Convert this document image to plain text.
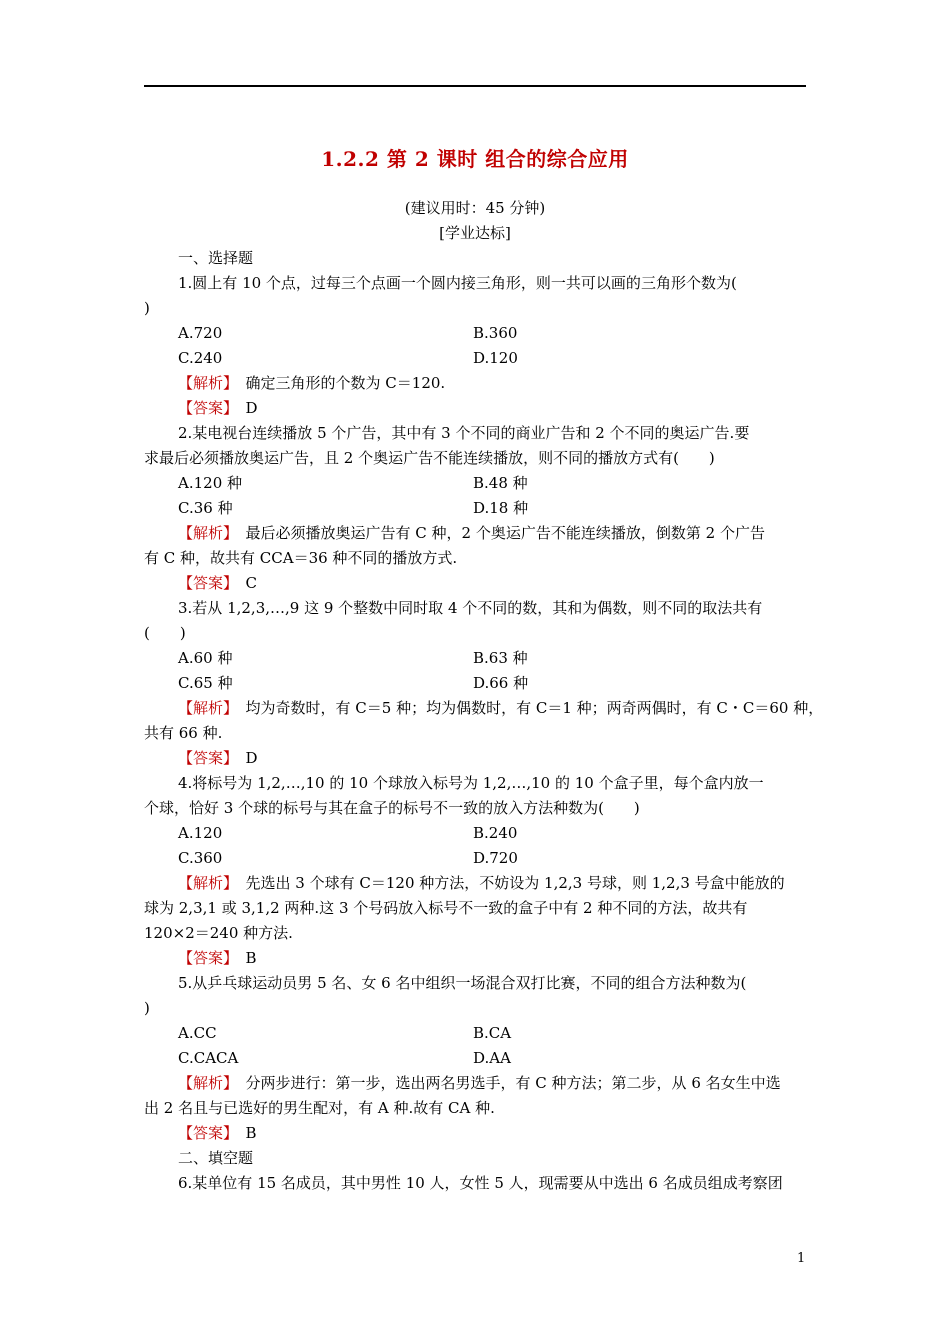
1.2.2 第 2 课时 组合的综合应用
(建议用时：45 分钟)
[学业达标]
一、选择题
1.圆上有 10 个点，过每三个点画一个圆内接三角形，则一共可以画的三角形个数为(
)
A.720	B.360
C.240	D.120
【解析】　 确定三角形的个数为 C＝120.
【答案】　 D
2.某电视台连续播放 5 个广告，其中有 3 个不同的商业广告和 2 个不同的奥运广告.要
求最后必须播放奥运广告，且 2 个奥运广告不能连续播放，则不同的播放方式有(　　)
A.120 种	B.48 种
C.36 种	D.18 种
【解析】　 最后必须播放奥运广告有 C 种，2 个奥运广告不能连续播放，倒数第 2 个广告
有 C 种，故共有 CCA＝36 种不同的播放方式.
【答案】　 C
3.若从 1,2,3,…,9 这 9 个整数中同时取 4 个不同的数，其和为偶数，则不同的取法共有
(　　)
A.60 种	B.63 种
C.65 种	D.66 种
【解析】　 均为奇数时，有 C＝5 种；均为偶数时，有 C＝1 种；两奇两偶时，有 C・C＝60 种，
共有 66 种.
【答案】　 D
4.将标号为 1,2,…,10 的 10 个球放入标号为 1,2,…,10 的 10 个盒子里，每个盒内放一
个球，恰好 3 个球的标号与其在盒子的标号不一致的放入方法种数为(　　)
A.120	B.240
C.360	D.720
【解析】　 先选出 3 个球有 C＝120 种方法，不妨设为 1,2,3 号球，则 1,2,3 号盒中能放的
球为 2,3,1 或 3,1,2 两种.这 3 个号码放入标号不一致的盒子中有 2 种不同的方法，故共有
120×2＝240 种方法.
【答案】　 B
5.从乒乓球运动员男 5 名、女 6 名中组织一场混合双打比赛，不同的组合方法种数为(
)
A.CC	B.CA
C.CACA	D.AA
【解析】　 分两步进行：第一步，选出两名男选手，有 C 种方法；第二步，从 6 名女生中选
出 2 名且与已选好的男生配对，有 A 种.故有 CA 种.
【答案】　 B
二、填空题
6.某单位有 15 名成员，其中男性 10 人，女性 5 人，现需要从中选出 6 名成员组成考察团
1
